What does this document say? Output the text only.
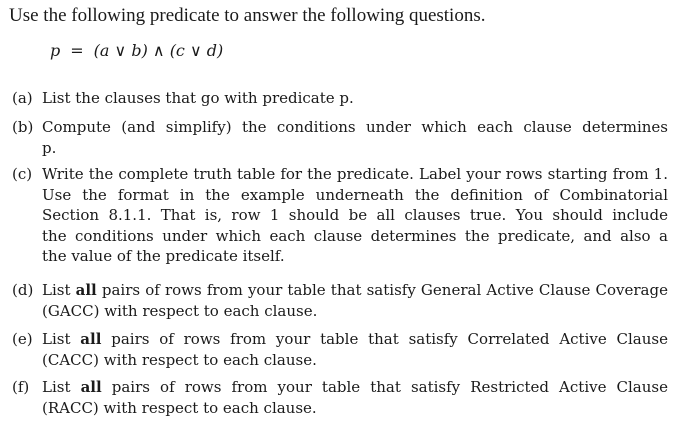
Use the following predicate to answer the following questions.

p = (a ∨ b) ∧ (c ∨ d)

(a) List the clauses that go with predicate p.
(b) Compute (and simplify) the conditions under which each clause determines
p.
(c) Write the complete truth table for the predicate. Label your rows starting from 1.
Use the format in the example underneath the definition of Combinatorial
Section 8.1.1. That is, row 1 should be all clauses true. You should include
the conditions under which each clause determines the predicate, and also a
the value of the predicate itself.
(d) List all pairs of rows from your table that satisfy General Active Clause Coverage
(GACC) with respect to each clause.
(e) List all pairs of rows from your table that satisfy Correlated Active Clause
(CACC) with respect to each clause.
(f) List all pairs of rows from your table that satisfy Restricted Active Clause
(RACC) with respect to each clause.
